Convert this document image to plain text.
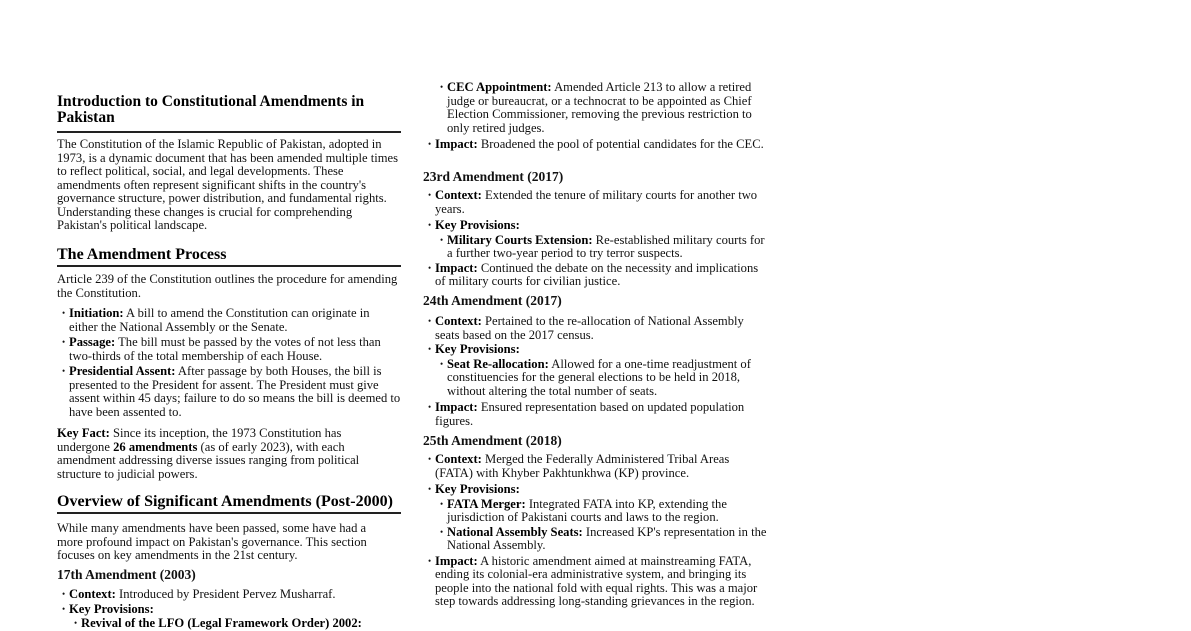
Introduction to Constitutional Amendments in Pakistan

The Constitution of the Islamic Republic of Pakistan, adopted in 1973, is a dynamic document that has been amended multiple times to reflect political, social, and legal developments. These amendments often represent significant shifts in the country's governance structure, power distribution, and fundamental rights. Understanding these changes is crucial for comprehending Pakistan's political landscape.

The Amendment Process

Article 239 of the Constitution outlines the procedure for amending the Constitution.

• Initiation: A bill to amend the Constitution can originate in either the National Assembly or the Senate.
• Passage: The bill must be passed by the votes of not less than two-thirds of the total membership of each House.
• Presidential Assent: After passage by both Houses, the bill is presented to the President for assent. The President must give assent within 45 days; failure to do so means the bill is deemed to have been assented to.

Key Fact: Since its inception, the 1973 Constitution has undergone 26 amendments (as of early 2023), with each amendment addressing diverse issues ranging from political structure to judicial powers.

Overview of Significant Amendments (Post-2000)

While many amendments have been passed, some have had a more profound impact on Pakistan's governance. This section focuses on key amendments in the 21st century.

17th Amendment (2003)
• Context: Introduced by President Pervez Musharraf.
• Key Provisions:
• Revival of the LFO (Legal Framework Order) 2002:
• CEC Appointment: Amended Article 213 to allow a retired judge or bureaucrat, or a technocrat to be appointed as Chief Election Commissioner, removing the previous restriction to only retired judges.
• Impact: Broadened the pool of potential candidates for the CEC.
23rd Amendment (2017)
• Context: Extended the tenure of military courts for another two years.
• Key Provisions:
• Military Courts Extension: Re-established military courts for a further two-year period to try terror suspects.
• Impact: Continued the debate on the necessity and implications of military courts for civilian justice.
24th Amendment (2017)
• Context: Pertained to the re-allocation of National Assembly seats based on the 2017 census.
• Key Provisions:
• Seat Re-allocation: Allowed for a one-time readjustment of constituencies for the general elections to be held in 2018, without altering the total number of seats.
• Impact: Ensured representation based on updated population figures.
25th Amendment (2018)
• Context: Merged the Federally Administered Tribal Areas (FATA) with Khyber Pakhtunkhwa (KP) province.
• Key Provisions:
• FATA Merger: Integrated FATA into KP, extending the jurisdiction of Pakistani courts and laws to the region.
• National Assembly Seats: Increased KP's representation in the National Assembly.
• Impact: A historic amendment aimed at mainstreaming FATA, ending its colonial-era administrative system, and bringing its people into the national fold with equal rights. This was a major step towards addressing long-standing grievances in the region.
